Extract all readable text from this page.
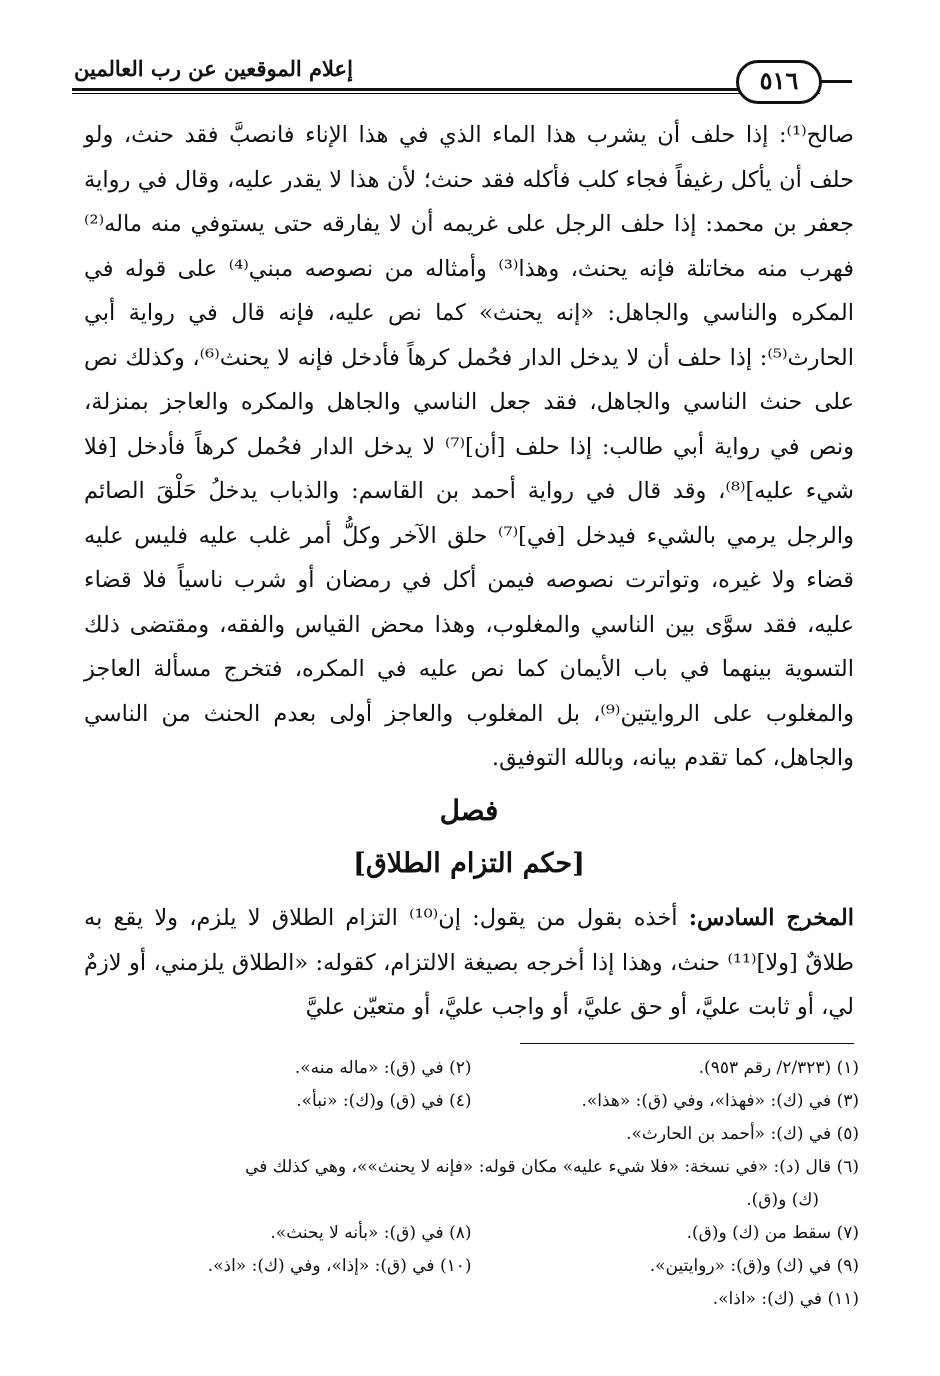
إعلام الموقعين عن رب العالمين	٥١٦

صالح⁽¹⁾: إذا حلف أن يشرب هذا الماء الذي في هذا الإناء فانصبَّ فقد حنث، ولو حلف أن يأكل رغيفاً فجاء كلب فأكله فقد حنث؛ لأن هذا لا يقدر عليه، وقال في رواية جعفر بن محمد: إذا حلف الرجل على غريمه أن لا يفارقه حتى يستوفي منه ماله⁽²⁾ فهرب منه مخاتلة فإنه يحنث، وهذا⁽³⁾ وأمثاله من نصوصه مبني⁽⁴⁾ على قوله في المكره والناسي والجاهل: «إنه يحنث» كما نص عليه، فإنه قال في رواية أبي الحارث⁽⁵⁾: إذا حلف أن لا يدخل الدار فحُمل كرهاً فأدخل فإنه لا يحنث⁽⁶⁾، وكذلك نص على حنث الناسي والجاهل، فقد جعل الناسي والجاهل والمكره والعاجز بمنزلة، ونص في رواية أبي طالب: إذا حلف [أن]⁽⁷⁾ لا يدخل الدار فحُمل كرهاً فأدخل [فلا شيء عليه]⁽⁸⁾، وقد قال في رواية أحمد بن القاسم: والذباب يدخلُ حَلْقَ الصائم والرجل يرمي بالشيء فيدخل [في]⁽⁷⁾ حلق الآخر وكلُّ أمر غلب عليه فليس عليه قضاء ولا غيره، وتواترت نصوصه فيمن أكل في رمضان أو شرب ناسياً فلا قضاء عليه، فقد سوَّى بين الناسي والمغلوب، وهذا محض القياس والفقه، ومقتضى ذلك التسوية بينهما في باب الأيمان كما نص عليه في المكره، فتخرج مسألة العاجز والمغلوب على الروايتين⁽⁹⁾، بل المغلوب والعاجز أولى بعدم الحنث من الناسي والجاهل، كما تقدم بيانه، وبالله التوفيق.

فصل
[حكم التزام الطلاق]
المخرج السادس: أخذه بقول من يقول: إن⁽¹⁰⁾ التزام الطلاق لا يلزم، ولا يقع به طلاقٌ [ولا]⁽¹¹⁾ حنث، وهذا إذا أخرجه بصيغة الالتزام، كقوله: «الطلاق يلزمني، أو لازمٌ لي، أو ثابت عليَّ، أو حق عليَّ، أو واجب عليَّ، أو متعيّن عليَّ
(١) (٢/٣٢٣/ رقم ٩٥٣).
(٢) في (ق): «ماله منه».
(٣) في (ك): «فهذا»، وفي (ق): «هذا».
(٤) في (ق) و(ك): «نبأ».
(٥) في (ك): «أحمد بن الحارث».
(٦) قال (د): «في نسخة: «فلا شيء عليه» مكان قوله: «فإنه لا يحنث»»، وهي كذلك في
(ك) و(ق).
(٧) سقط من (ك) و(ق).
(٨) في (ق): «بأنه لا يحنث».
(٩) في (ك) و(ق): «روايتين».
(١٠) في (ق): «إذا»، وفي (ك): «اذ».
(١١) في (ك): «اذا».
